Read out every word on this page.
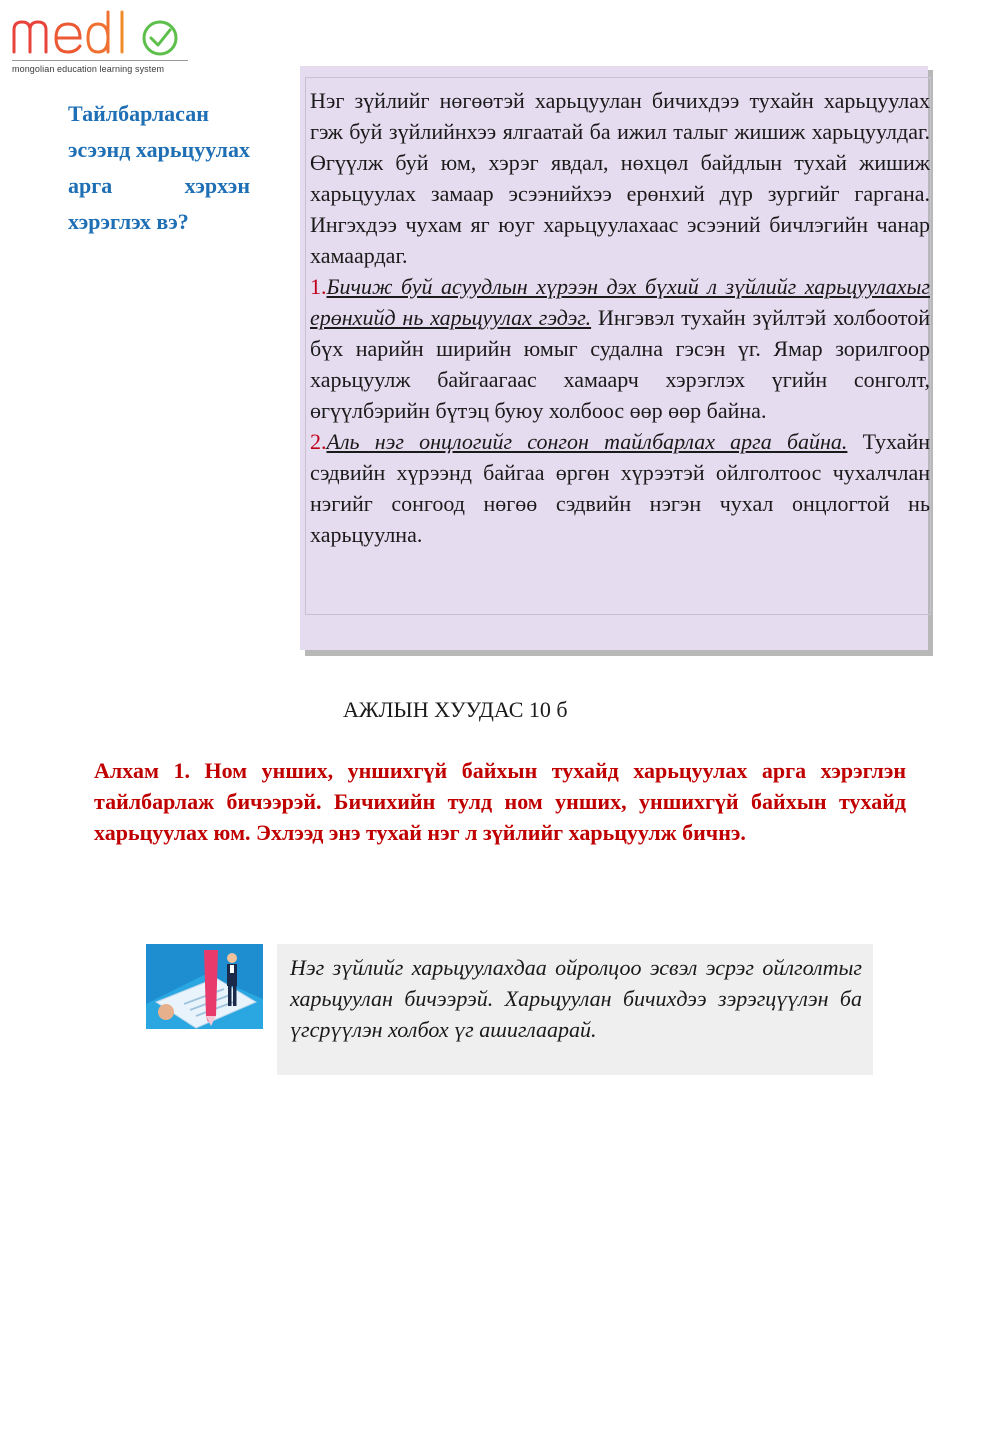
mongolian education learning system
Тайлбарласан эсээнд харьцуулах арга хэрхэн хэрэглэх вэ?

Нэг зүйлийг нөгөөтэй харьцуулан бичихдээ тухайн харьцуулах гэж буй зүйлийнхээ ялгаатай ба ижил талыг жишиж харьцуулдаг. Өгүүлж буй юм, хэрэг явдал, нөхцөл байдлын тухай жишиж харьцуулах замаар эсээнийхээ ерөнхий дүр зургийг гаргана. Ингэхдээ чухам яг юуг харьцуулахаас эсээний бичлэгийн чанар хамаардаг.

1.Бичиж буй асуудлын хүрээн дэх бүхий л зүйлийг харьцуулахыг ерөнхийд нь харьцуулах гэдэг. Ингэвэл тухайн зүйлтэй холбоотой бүх нарийн ширийн юмыг судална гэсэн үг. Ямар зорилгоор харьцуулж байгаагаас хамаарч хэрэглэх үгийн сонголт, өгүүлбэрийн бүтэц буюу холбоос өөр өөр байна.

2.Аль нэг онцлогийг сонгон тайлбарлах арга байна. Тухайн сэдвийн хүрээнд байгаа өргөн хүрээтэй ойлголтоос чухалчлан нэгийг сонгоод нөгөө сэдвийн нэгэн чухал онцлогтой нь харьцуулна.

АЖЛЫН ХУУДАС 10 б
Алхам 1. Ном унших, уншихгүй байхын тухайд харьцуулах арга хэрэглэн тайлбарлаж бичээрэй. Бичихийн тулд ном унших, уншихгүй байхын тухайд харьцуулах юм. Эхлээд энэ тухай нэг л зүйлийг харьцуулж бичнэ.
Нэг зүйлийг харьцуулахдаа ойролцоо эсвэл эсрэг ойлголтыг харьцуулан бичээрэй. Харьцуулан бичихдээ зэрэгцүүлэн ба үгсрүүлэн холбох үг ашиглаарай.
